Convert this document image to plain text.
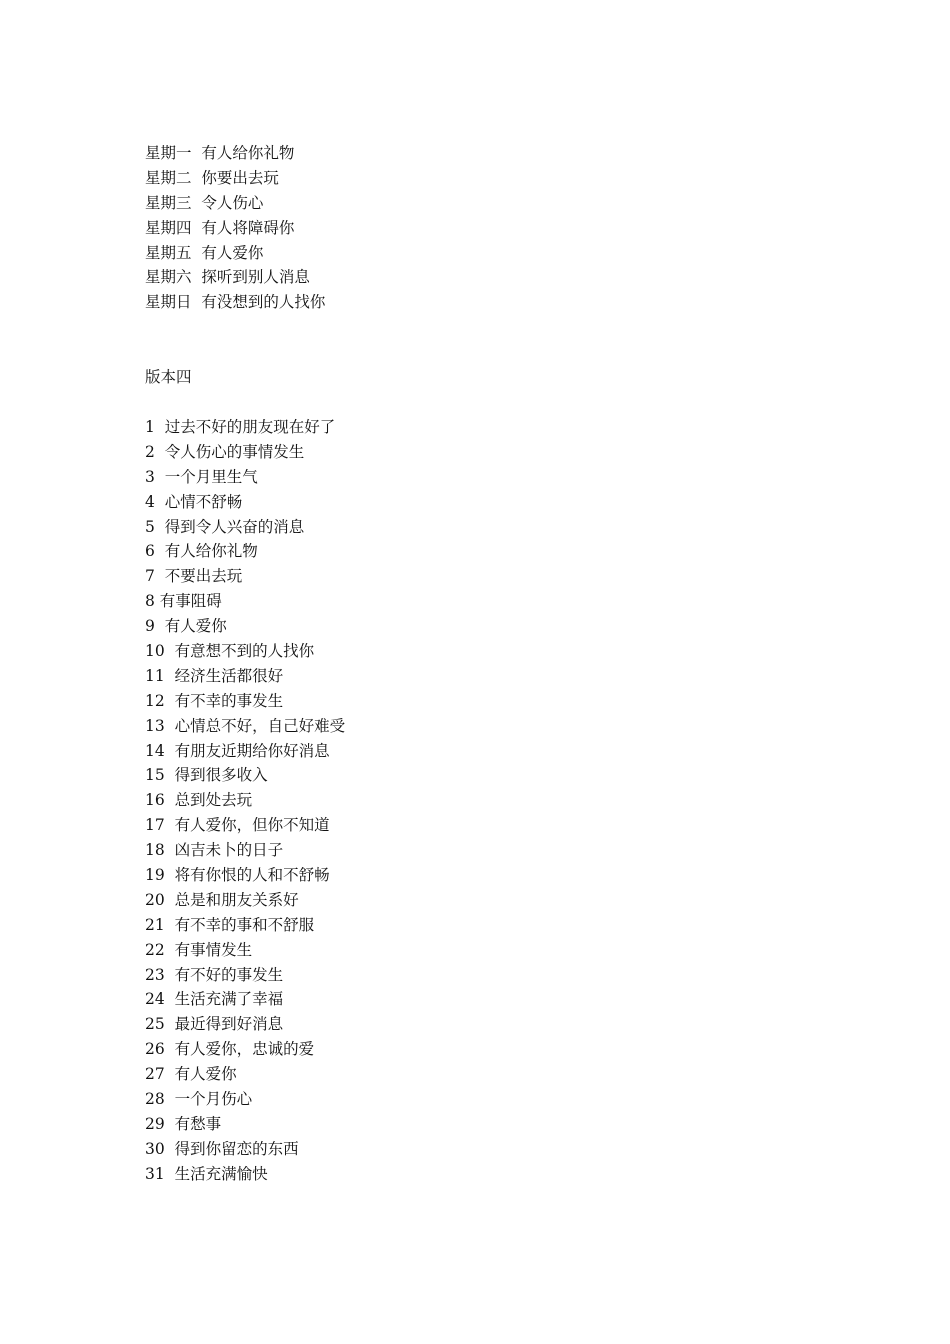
星期一 有人给你礼物
星期二 你要出去玩
星期三 令人伤心
星期四 有人将障碍你
星期五 有人爱你
星期六 探听到别人消息
星期日 有没想到的人找你
版本四
1  过去不好的朋友现在好了
2  令人伤心的事情发生
3  一个月里生气
4  心情不舒畅
5  得到令人兴奋的消息
6  有人给你礼物
7  不要出去玩
8 有事阻碍
9  有人爱你
10  有意想不到的人找你
11  经济生活都很好
12  有不幸的事发生
13  心情总不好，自己好难受
14  有朋友近期给你好消息
15  得到很多收入
16  总到处去玩
17  有人爱你，但你不知道
18  凶吉未卜的日子
19  将有你恨的人和不舒畅
20  总是和朋友关系好
21  有不幸的事和不舒服
22  有事情发生
23  有不好的事发生
24  生活充满了幸福
25  最近得到好消息
26  有人爱你，忠诚的爱
27  有人爱你
28  一个月伤心
29  有愁事
30  得到你留恋的东西
31  生活充满愉快
